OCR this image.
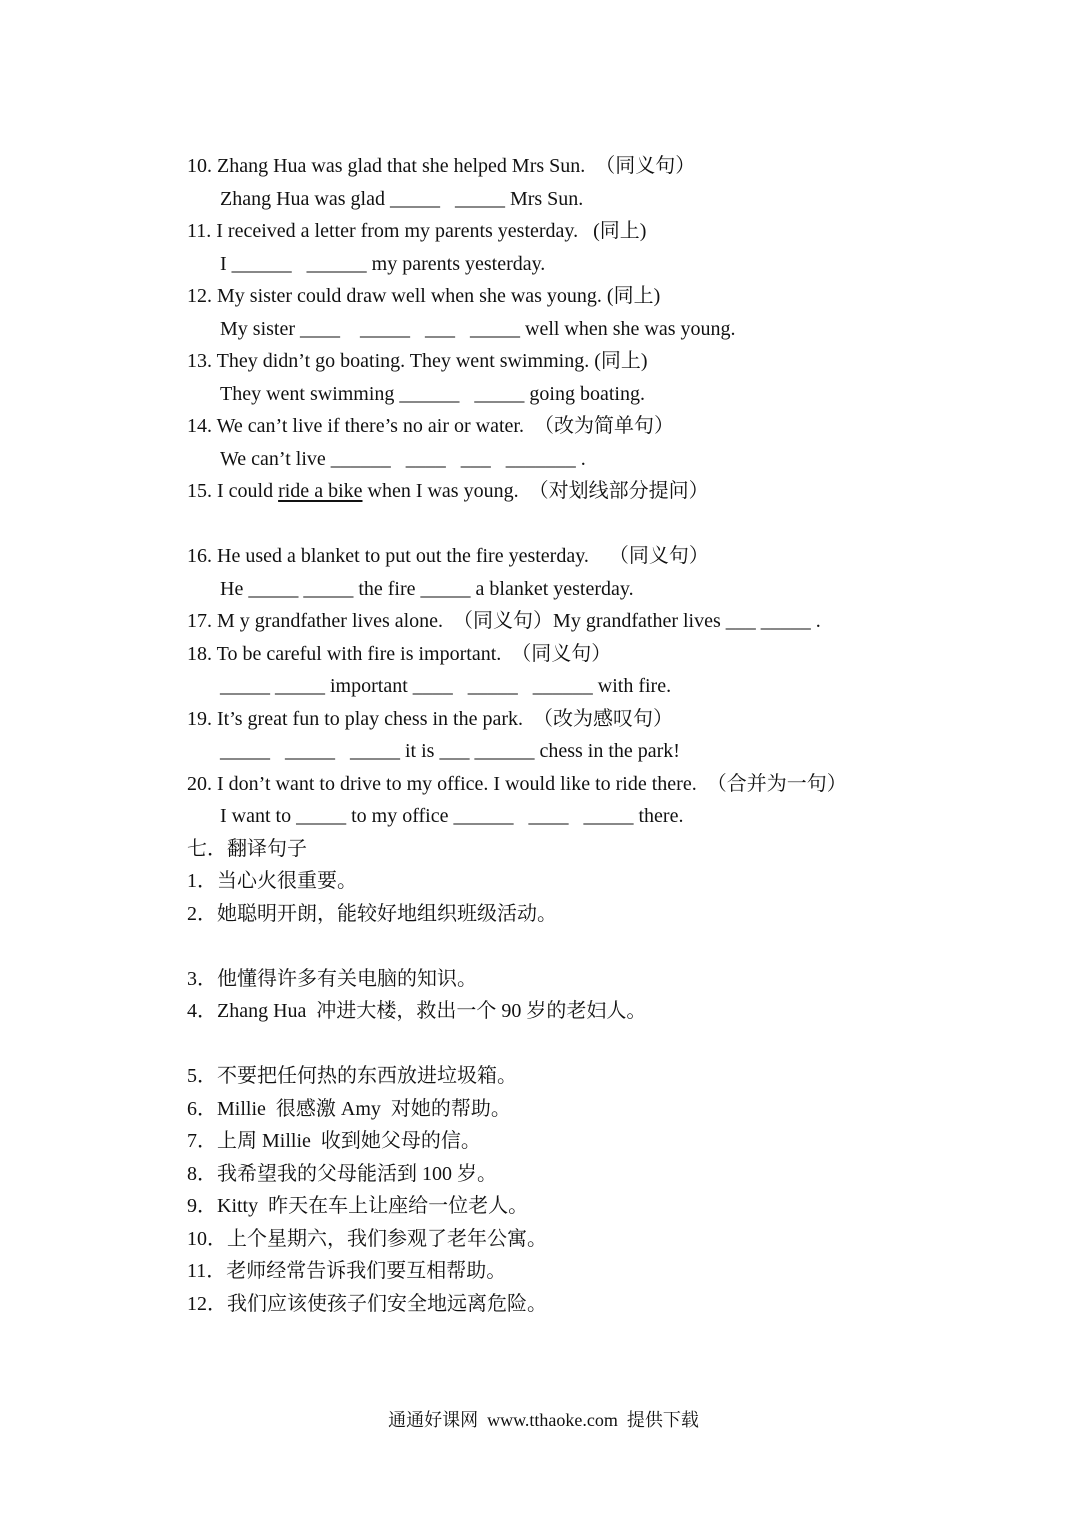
10. Zhang Hua was glad that she helped Mrs Sun.  （同义句）
Zhang Hua was glad _____   _____ Mrs Sun.
11. I received a letter from my parents yesterday.   (同上)
I ______   ______ my parents yesterday.
12. My sister could draw well when she was young. (同上)
My sister ____    _____   ___   _____ well when she was young.
13. They didn’t go boating. They went swimming. (同上)
They went swimming ______   _____ going boating.
14. We can’t live if there’s no air or water.  （改为简单句）
We can’t live ______   ____   ___   _______ .
15. I could ride a bike when I was young.  （对划线部分提问）
16. He used a blanket to put out the fire yesterday.    （同义句）
He _____ _____ the fire _____ a blanket yesterday.
17. M y grandfather lives alone.  （同义句）My grandfather lives ___ _____ .
18. To be careful with fire is important.  （同义句）
_____ _____ important ____   _____   ______ with fire.
19. It’s great fun to play chess in the park.  （改为感叹句）
_____   _____   _____ it is ___ ______ chess in the park!
20. I don’t want to drive to my office. I would like to ride there.  （合并为一句）
I want to _____ to my office ______   ____   _____ there.
七．翻译句子
1．当心火很重要。
2．她聪明开朗，能较好地组织班级活动。
3．他懂得许多有关电脑的知识。
4．Zhang Hua  冲进大楼，救出一个 90 岁的老妇人。
5．不要把任何热的东西放进垃圾箱。
6．Millie  很感激 Amy  对她的帮助。
7．上周 Millie  收到她父母的信。
8．我希望我的父母能活到 100 岁。
9．Kitty  昨天在车上让座给一位老人。
10．上个星期六，我们参观了老年公寓。
11．老师经常告诉我们要互相帮助。
12．我们应该使孩子们安全地远离危险。
通通好课网  www.tthaoke.com  提供下载
